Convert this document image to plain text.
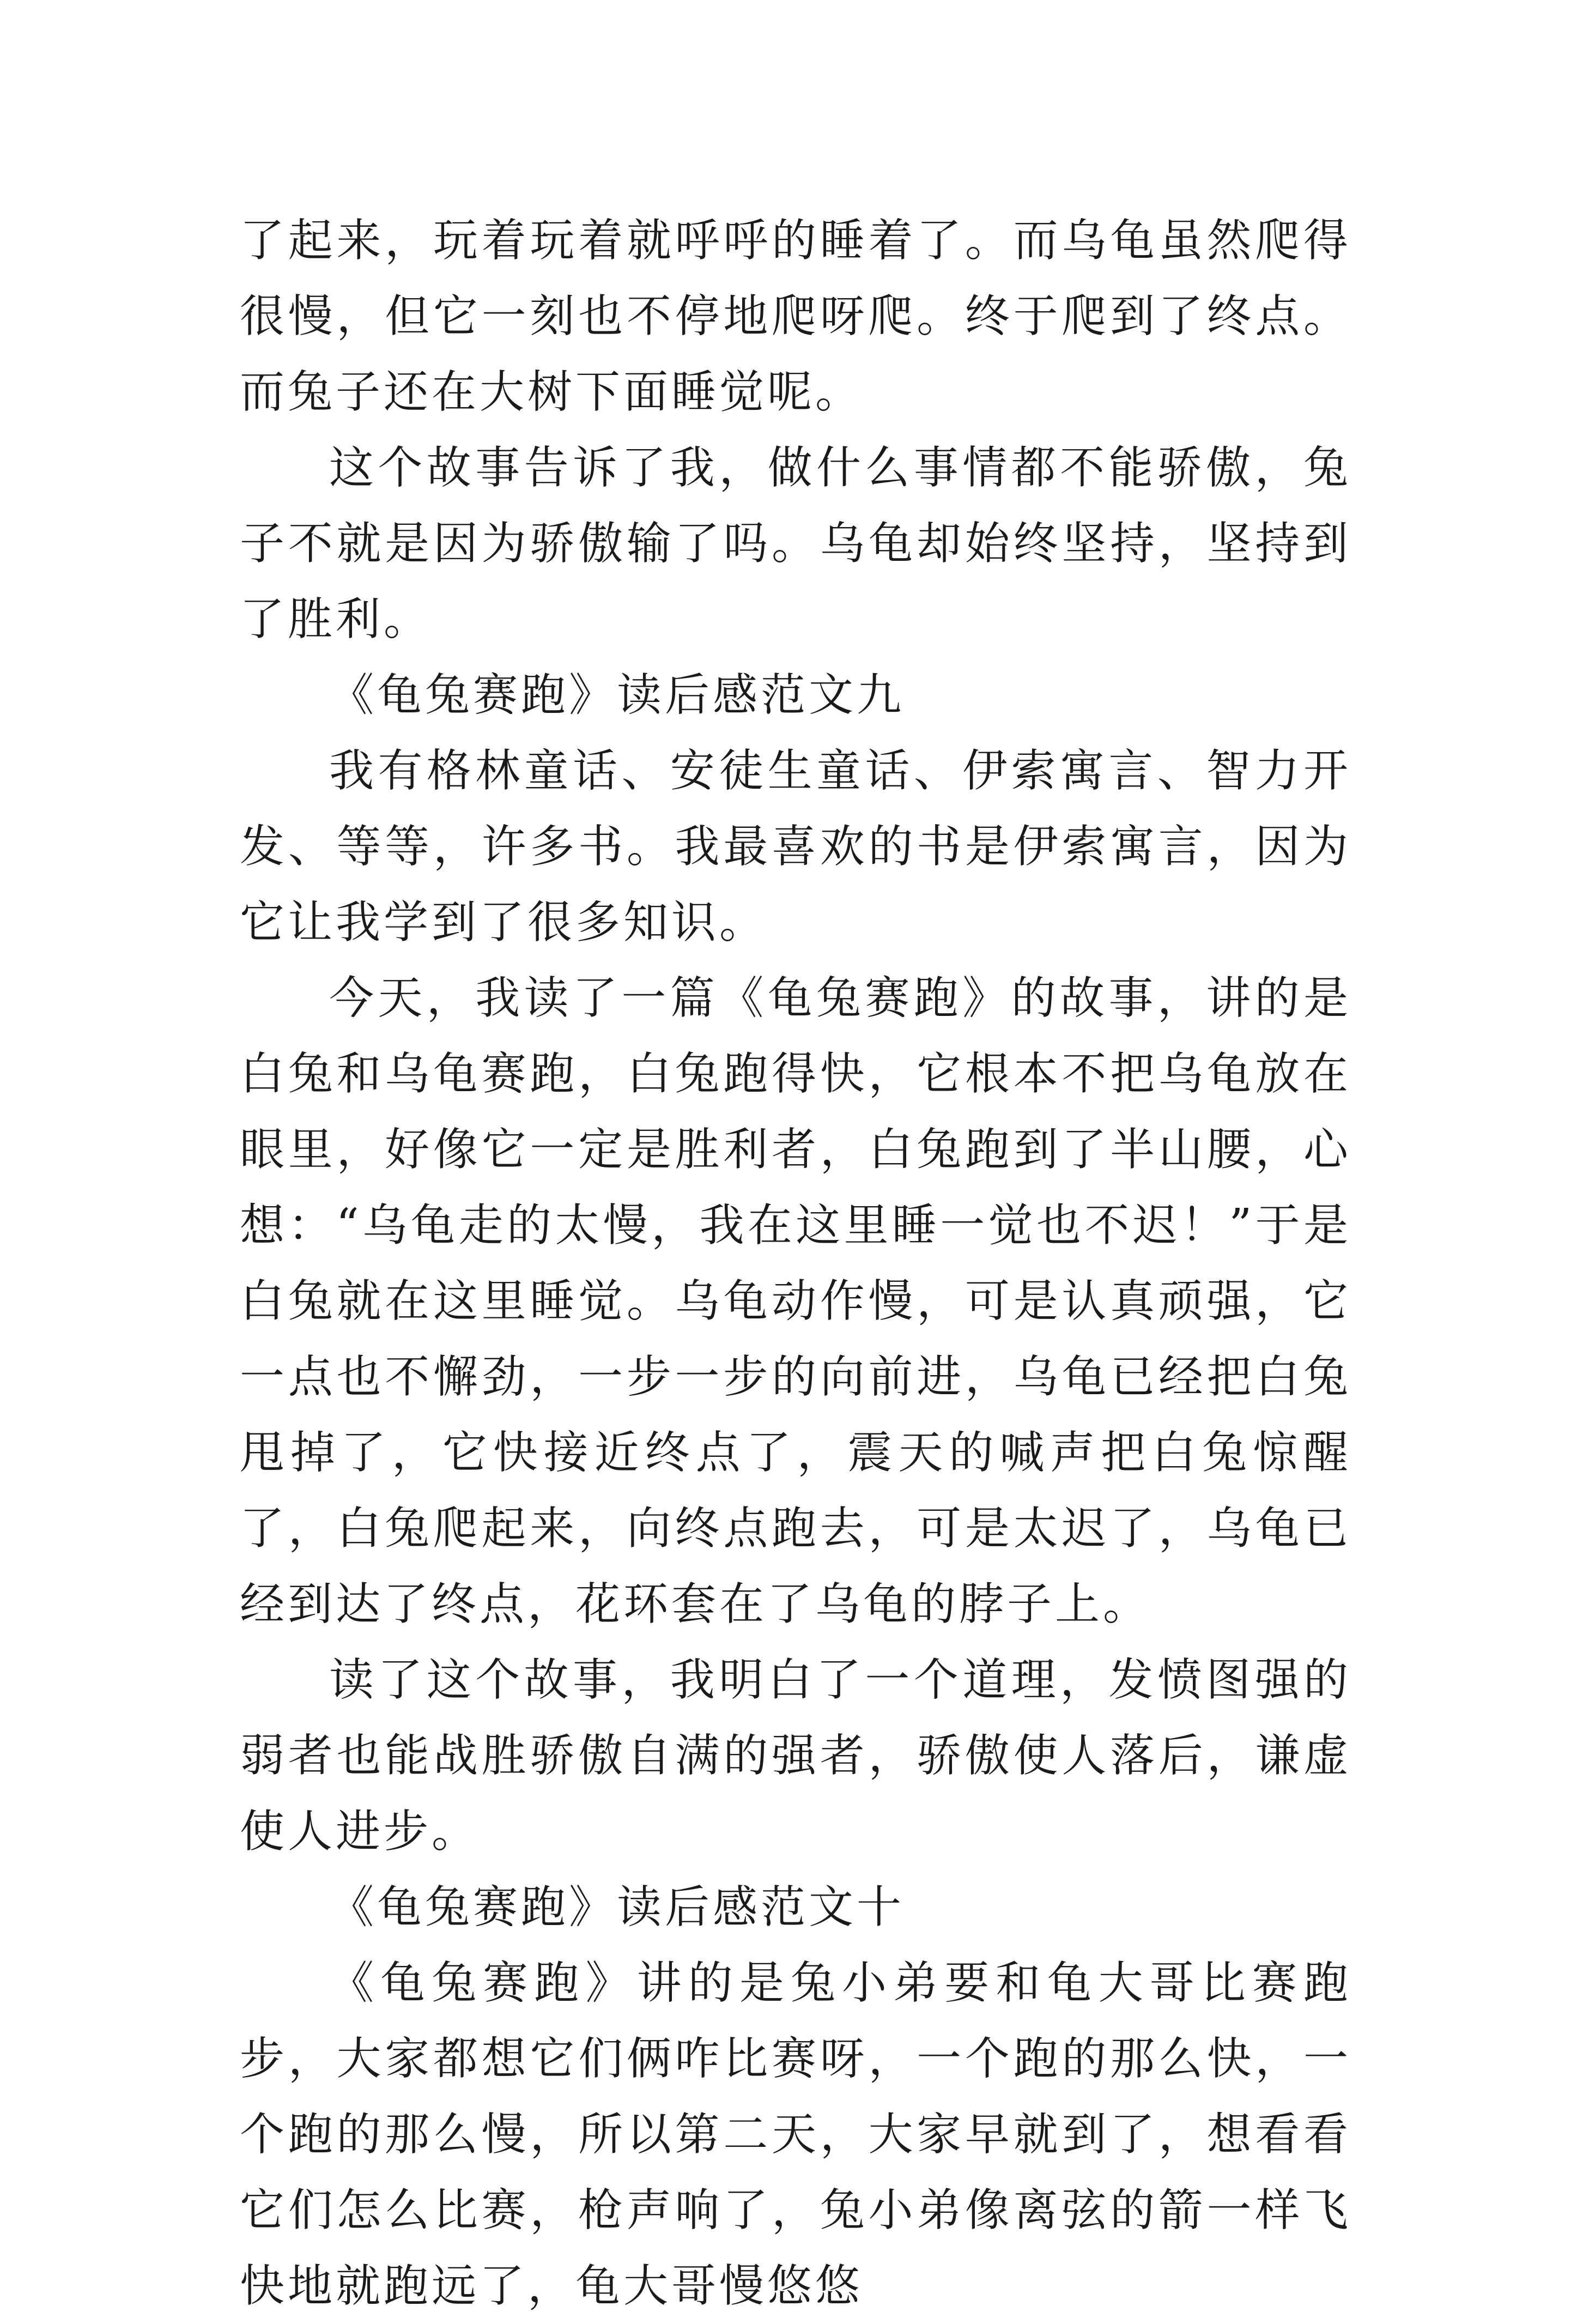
了起来，玩着玩着就呼呼的睡着了。而乌龟虽然爬得很慢，但它一刻也不停地爬呀爬。终于爬到了终点。而兔子还在大树下面睡觉呢。

这个故事告诉了我，做什么事情都不能骄傲，兔子不就是因为骄傲输了吗。乌龟却始终坚持，坚持到了胜利。

《龟兔赛跑》读后感范文九

我有格林童话、安徒生童话、伊索寓言、智力开发、等等，许多书。我最喜欢的书是伊索寓言，因为它让我学到了很多知识。

今天，我读了一篇《龟兔赛跑》的故事，讲的是白兔和乌龟赛跑，白兔跑得快，它根本不把乌龟放在眼里，好像它一定是胜利者，白兔跑到了半山腰，心想：“乌龟走的太慢，我在这里睡一觉也不迟！”于是白兔就在这里睡觉。乌龟动作慢，可是认真顽强，它一点也不懈劲，一步一步的向前进，乌龟已经把白兔甩掉了，它快接近终点了，震天的喊声把白兔惊醒了，白兔爬起来，向终点跑去，可是太迟了，乌龟已经到达了终点，花环套在了乌龟的脖子上。

读了这个故事，我明白了一个道理，发愤图强的弱者也能战胜骄傲自满的强者，骄傲使人落后，谦虚使人进步。

《龟兔赛跑》读后感范文十

《龟兔赛跑》讲的是兔小弟要和龟大哥比赛跑步，大家都想它们俩咋比赛呀，一个跑的那么快，一个跑的那么慢，所以第二天，大家早就到了，想看看它们怎么比赛，枪声响了，兔小弟像离弦的箭一样飞快地就跑远了，龟大哥慢悠悠
